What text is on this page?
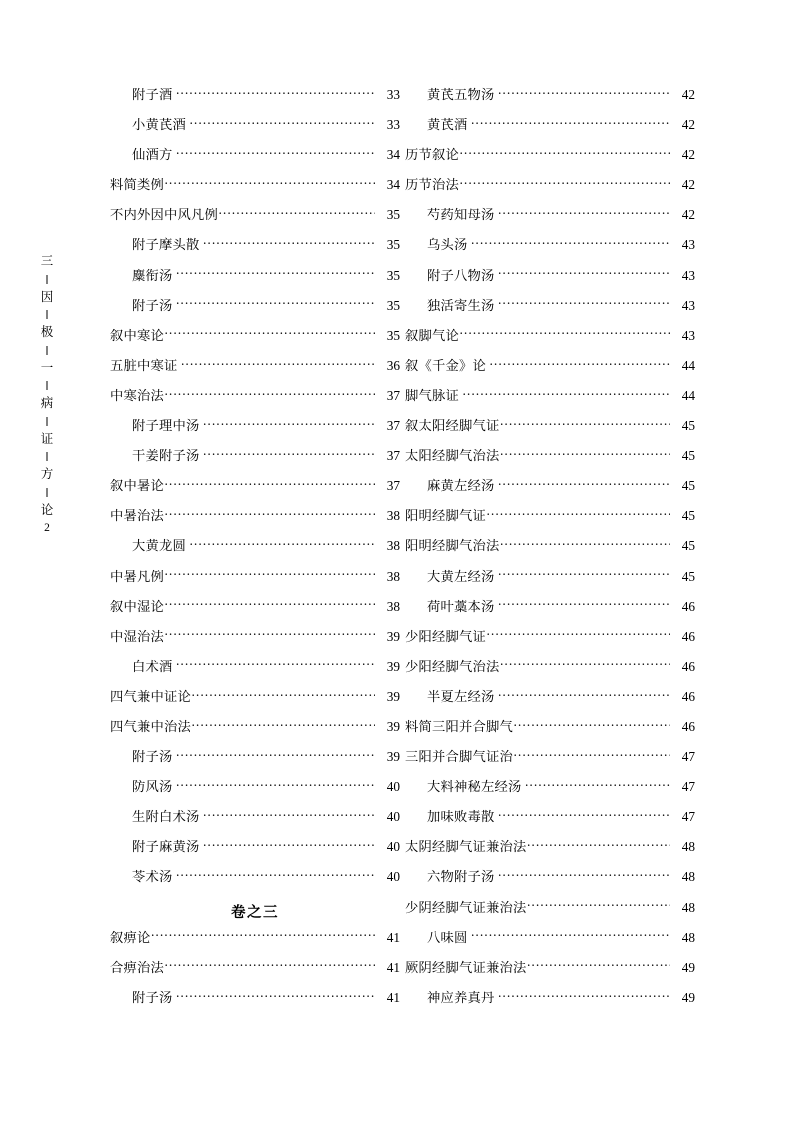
三
因
极
一
病
证
方
论
2
附子酒 ·····	33
小黄芪酒 ·····	33
仙酒方 ·····	34
料简类例 ·····	34
不内外因中风凡例 ·····	35
附子摩头散 ·····	35
麋衔汤 ·····	35
附子汤 ·····	35
叙中寒论 ·····	35
五脏中寒证 ·····	36
中寒治法 ·····	37
附子理中汤 ·····	37
干姜附子汤 ·····	37
叙中暑论 ·····	37
中暑治法 ·····	38
大黄龙圆 ·····	38
中暑凡例 ·····	38
叙中湿论 ·····	38
中湿治法 ·····	39
白术酒 ·····	39
四气兼中证论 ·····	39
四气兼中治法 ·····	39
附子汤 ·····	39
防风汤 ·····	40
生附白术汤 ·····	40
附子麻黄汤 ·····	40
苓术汤 ·····	40
卷之三
叙痹论 ·····	41
合痹治法 ·····	41
附子汤 ·····	41
黄芪五物汤 ·····	42
黄芪酒 ·····	42
历节叙论 ·····	42
历节治法 ·····	42
芍药知母汤 ·····	42
乌头汤 ·····	43
附子八物汤 ·····	43
独活寄生汤 ·····	43
叙脚气论 ·····	43
叙《千金》论 ·····	44
脚气脉证 ·····	44
叙太阳经脚气证 ·····	45
太阳经脚气治法 ·····	45
麻黄左经汤 ·····	45
阳明经脚气证 ·····	45
阳明经脚气治法 ·····	45
大黄左经汤 ·····	45
荷叶藁本汤 ·····	46
少阳经脚气证 ·····	46
少阳经脚气治法 ·····	46
半夏左经汤 ·····	46
料简三阳并合脚气 ·····	46
三阳并合脚气证治 ·····	47
大料神秘左经汤 ·····	47
加味败毒散 ·····	47
太阴经脚气证兼治法 ·····	48
六物附子汤 ·····	48
少阴经脚气证兼治法 ·····	48
八味圆 ·····	48
厥阴经脚气证兼治法 ·····	49
神应养真丹 ·····	49
